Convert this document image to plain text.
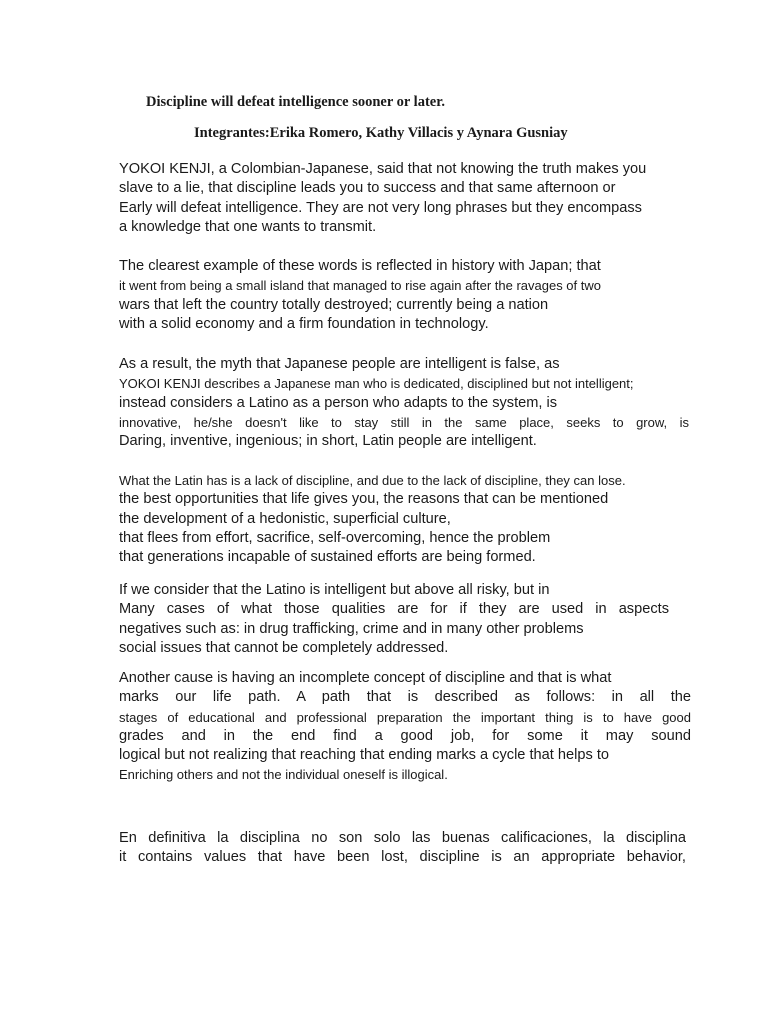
Discipline will defeat intelligence sooner or later.

Integrantes:Erika Romero, Kathy Villacis y Aynara Gusniay

YOKOI KENJI, a Colombian-Japanese, said that not knowing the truth makes you
slave to a lie, that discipline leads you to success and that same afternoon or
Early will defeat intelligence. They are not very long phrases but they encompass
a knowledge that one wants to transmit.

The clearest example of these words is reflected in history with Japan; that
it went from being a small island that managed to rise again after the ravages of two
wars that left the country totally destroyed; currently being a nation
with a solid economy and a firm foundation in technology.

As a result, the myth that Japanese people are intelligent is false, as
YOKOI KENJI describes a Japanese man who is dedicated, disciplined but not intelligent;
instead considers a Latino as a person who adapts to the system, is
innovative, he/she doesn't like to stay still in the same place, seeks to grow, is
Daring, inventive, ingenious; in short, Latin people are intelligent.

What the Latin has is a lack of discipline, and due to the lack of discipline, they can lose.
the best opportunities that life gives you, the reasons that can be mentioned
the development of a hedonistic, superficial culture,
that flees from effort, sacrifice, self-overcoming, hence the problem
that generations incapable of sustained efforts are being formed.

If we consider that the Latino is intelligent but above all risky, but in
Many cases of what those qualities are for if they are used in aspects
negatives such as: in drug trafficking, crime and in many other problems
social issues that cannot be completely addressed.

Another cause is having an incomplete concept of discipline and that is what
marks our life path. A path that is described as follows: in all the
stages of educational and professional preparation the important thing is to have good
grades and in the end find a good job, for some it may sound
logical but not realizing that reaching that ending marks a cycle that helps to
Enriching others and not the individual oneself is illogical.

En definitiva la disciplina no son solo las buenas calificaciones, la disciplina
it contains values that have been lost, discipline is an appropriate behavior,
